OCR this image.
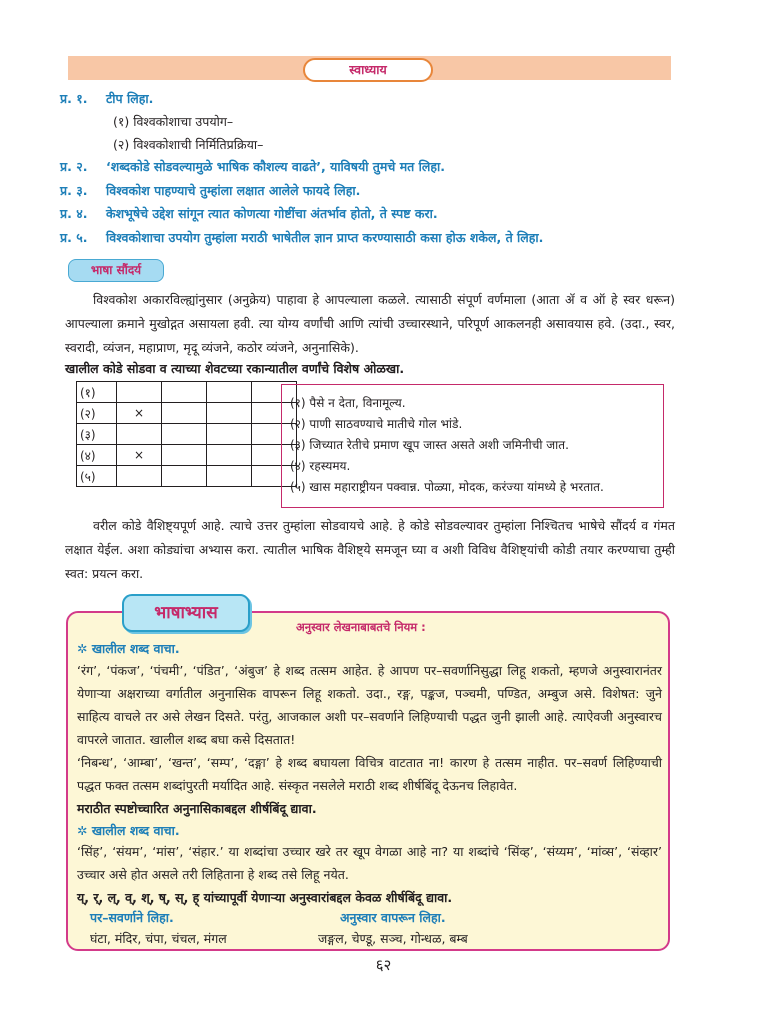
स्वाध्याय
प्र. १. टीप लिहा.
(१) विश्वकोशाचा उपयोग–
(२) विश्वकोशाची निर्मितिप्रक्रिया–
प्र. २. ‘शब्दकोडे सोडवल्यामुळे भाषिक कौशल्य वाढते’, याविषयी तुमचे मत लिहा.
प्र. ३. विश्वकोश पाहण्याचे तुम्हांला लक्षात आलेले फायदे लिहा.
प्र. ४. केशभूषेचे उद्देश सांगून त्यात कोणत्या गोष्टींचा अंतर्भाव होतो, ते स्पष्ट करा.
प्र. ५. विश्वकोशाचा उपयोग तुम्हांला मराठी भाषेतील ज्ञान प्राप्त करण्यासाठी कसा होऊ शकेल, ते लिहा.
भाषा सौंदर्य
विश्वकोश अकारविल्ह्यांनुसार (अनुक्रेय) पाहावा हे आपल्याला कळले. त्यासाठी संपूर्ण वर्णमाला (आता ॲ व ऑ हे स्वर धरून) आपल्याला क्रमाने मुखोद्गत असायला हवी. त्या योग्य वर्णांची आणि त्यांची उच्चारस्थाने, परिपूर्ण आकलनही असावयास हवे. (उदा., स्वर, स्वरादी, व्यंजन, महाप्राण, मृदू व्यंजने, कठोर व्यंजने, अनुनासिके).
खालील कोडे सोडवा व त्याच्या शेवटच्या रकान्यातील वर्णांचे विशेष ओळखा.
(१)				
(२)	×			
(३)				
(४)	×			
(५)				
(१) पैसे न देता, विनामूल्य.
(२) पाणी साठवण्याचे मातीचे गोल भांडे.
(३) जिच्यात रेतीचे प्रमाण खूप जास्त असते अशी जमिनीची जात.
(४) रहस्यमय.
(५) खास महाराष्ट्रीयन पक्वान्न. पोळ्या, मोदक, करंज्या यांमध्ये हे भरतात.
वरील कोडे वैशिष्ट्यपूर्ण आहे. त्याचे उत्तर तुम्हांला सोडवायचे आहे. हे कोडे सोडवल्यावर तुम्हांला निश्चितच भाषेचे सौंदर्य व गंमत लक्षात येईल. अशा कोड्यांचा अभ्यास करा. त्यातील भाषिक वैशिष्ट्ये समजून घ्या व अशी विविध वैशिष्ट्यांची कोडी तयार करण्याचा तुम्ही स्वत: प्रयत्न करा.
भाषाभ्यास
अनुस्वार लेखनाबाबतचे नियम :
✲ खालील शब्द वाचा.
‘रंग’, ‘पंकज’, ‘पंचमी’, ‘पंडित’, ‘अंबुज’ हे शब्द तत्सम आहेत. हे आपण पर–सवर्णानिसुद्धा लिहू शकतो, म्हणजे अनुस्वारानंतर येणाऱ्या अक्षराच्या वर्गातील अनुनासिक वापरून लिहू शकतो. उदा., रङ्ग, पङ्कज, पञ्चमी, पण्डित, अम्बुज असे. विशेषत: जुने साहित्य वाचले तर असे लेखन दिसते. परंतु, आजकाल अशी पर–सवर्णाने लिहिण्याची पद्धत जुनी झाली आहे. त्याऐवजी अनुस्वारच वापरले जातात. खालील शब्द बघा कसे दिसतात!
‘निबन्ध’, ‘आम्बा’, ‘खन्त’, ‘सम्प’, ‘दङ्गा’ हे शब्द बघायला विचित्र वाटतात ना! कारण हे तत्सम नाहीत. पर–सवर्ण लिहिण्याची पद्धत फक्त तत्सम शब्दांपुरती मर्यादित आहे. संस्कृत नसलेले मराठी शब्द शीर्षबिंदू देऊनच लिहावेत.
मराठीत स्पष्टोच्चारित अनुनासिकाबद्दल शीर्षबिंदू द्यावा.
✲ खालील शब्द वाचा.
‘सिंह’, ‘संयम’, ‘मांस’, ‘संहार.’ या शब्दांचा उच्चार खरे तर खूप वेगळा आहे ना? या शब्दांचे ‘सिंव्ह’, ‘संय्यम’, ‘मांव्स’, ‘संव्हार’ उच्चार असे होत असले तरी लिहिताना हे शब्द तसे लिहू नयेत.
य्, र्, ल्, व्, श्, ष्, स्, ह् यांच्यापूर्वी येणाऱ्या अनुस्वारांबद्दल केवळ शीर्षबिंदू द्यावा.
पर–सवर्णाने लिहा.
घंटा, मंदिर, चंपा, चंचल, मंगल
अनुस्वार वापरून लिहा.
जङ्गल, चेण्डू, सञ्च, गोन्धळ, बम्ब
६२
